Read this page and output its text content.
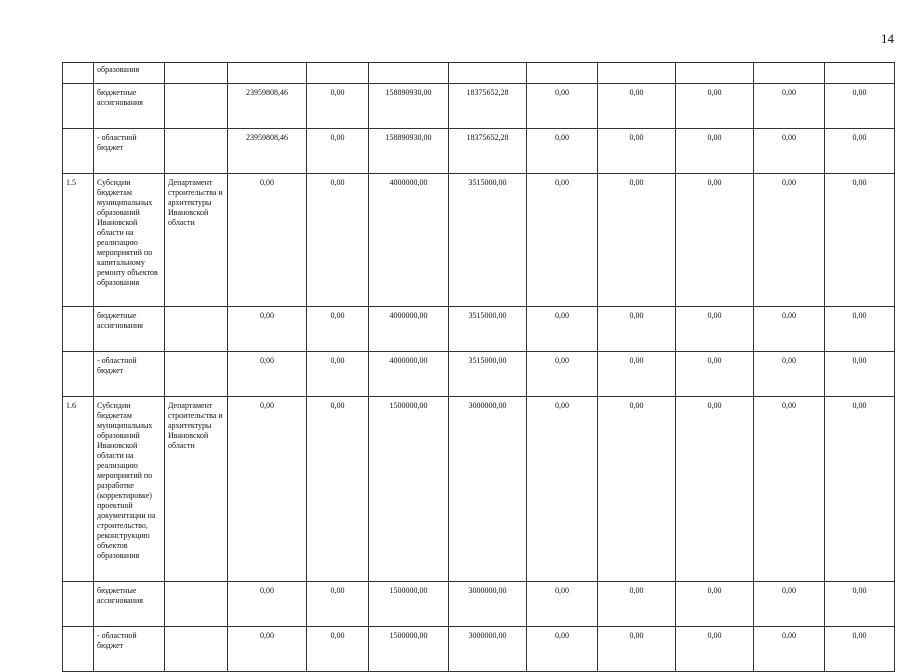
14
	образования											
	бюджетные ассигнования		23959808,46	0,00	158890930,00	18375652,28	0,00	0,00	0,00	0,00	0,00	
	- областной бюджет		23959808,46	0,00	158890930,00	18375652,28	0,00	0,00	0,00	0,00	0,00	
1.5	Субсидии бюджетам муниципальных образований Ивановской области на реализацию мероприятий по капитальному ремонту объектов образования	Департамент строительства и архитектуры Ивановской области	0,00	0,00	4000000,00	3515000,00	0,00	0,00	0,00	0,00	0,00	
	бюджетные ассигнования		0,00	0,00	4000000,00	3515000,00	0,00	0,00	0,00	0,00	0,00	
	- областной бюджет		0,00	0,00	4000000,00	3515000,00	0,00	0,00	0,00	0,00	0,00	
1.6	Субсидии бюджетам муниципальных образований Ивановской области на реализацию мероприятий по разработке (корректировке) проектной документации на строительство, реконструкцию объектов образования	Департамент строительства и архитектуры Ивановской области	0,00	0,00	1500000,00	3000000,00	0,00	0,00	0,00	0,00	0,00	
	бюджетные ассигнования		0,00	0,00	1500000,00	3000000,00	0,00	0,00	0,00	0,00	0,00	
	- областной бюджет		0,00	0,00	1500000,00	3000000,00	0,00	0,00	0,00	0,00	0,00	
